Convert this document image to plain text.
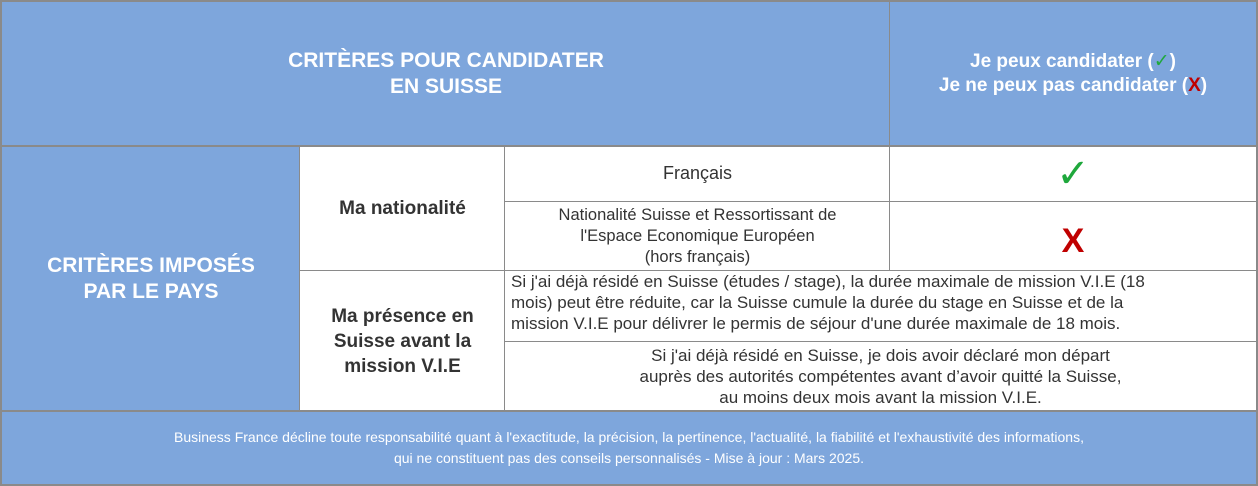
CRITÈRES POUR CANDIDATER
EN SUISSE
Je peux candidater (✓)
Je ne peux pas candidater (X)
CRITÈRES IMPOSÉS
PAR LE PAYS
Ma nationalité
Français	✓
Nationalité Suisse et Ressortissant de
l'Espace Economique Européen
(hors français)	X
Ma présence en
Suisse avant la
mission V.I.E
Si j'ai déjà résidé en Suisse (études / stage), la durée maximale de mission V.I.E (18
mois) peut être réduite, car la Suisse cumule la durée du stage en Suisse et de la
mission V.I.E pour délivrer le permis de séjour d'une durée maximale de 18 mois.
Si j'ai déjà résidé en Suisse, je dois avoir déclaré mon départ
auprès des autorités compétentes avant d’avoir quitté la Suisse,
au moins deux mois avant la mission V.I.E.
Business France décline toute responsabilité quant à l'exactitude, la précision, la pertinence, l'actualité, la fiabilité et l'exhaustivité des informations,
qui ne constituent pas des conseils personnalisés - Mise à jour : Mars 2025.
